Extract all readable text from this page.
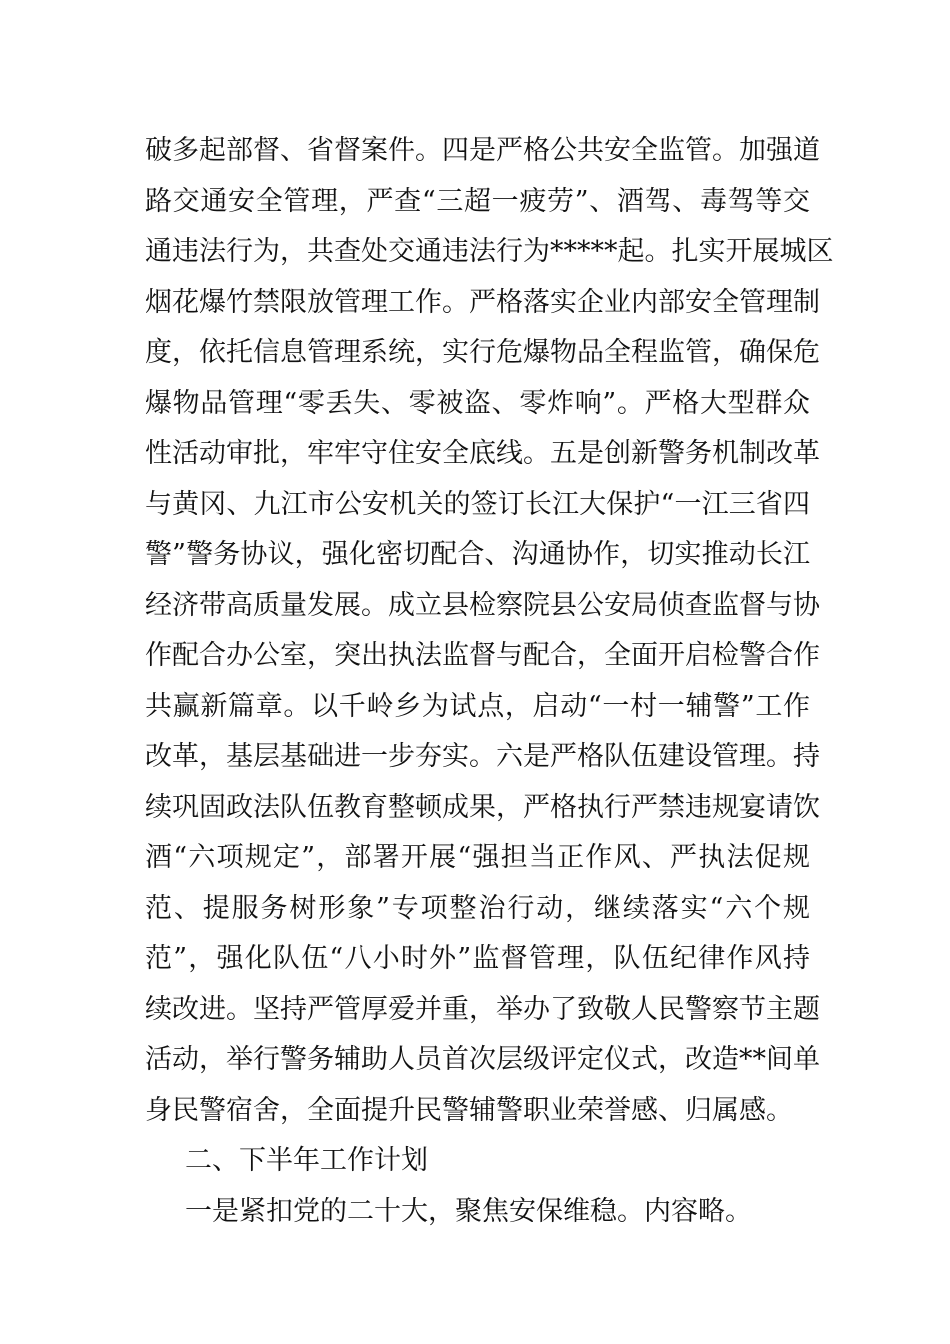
破多起部督、省督案件。四是严格公共安全监管。加强道
路交通安全管理，严查“三超一疲劳”、酒驾、毒驾等交
通违法行为，共查处交通违法行为*****起。扎实开展城区
烟花爆竹禁限放管理工作。严格落实企业内部安全管理制
度，依托信息管理系统，实行危爆物品全程监管，确保危
爆物品管理“零丢失、零被盗、零炸响”。严格大型群众
性活动审批，牢牢守住安全底线。五是创新警务机制改革
与黄冈、九江市公安机关的签订长江大保护“一江三省四
警”警务协议，强化密切配合、沟通协作，切实推动长江
经济带高质量发展。成立县检察院县公安局侦查监督与协
作配合办公室，突出执法监督与配合，全面开启检警合作
共赢新篇章。以千岭乡为试点，启动“一村一辅警”工作
改革，基层基础进一步夯实。六是严格队伍建设管理。持
续巩固政法队伍教育整顿成果，严格执行严禁违规宴请饮
酒“六项规定”，部署开展“强担当正作风、严执法促规
范、提服务树形象”专项整治行动，继续落实“六个规
范”，强化队伍“八小时外”监督管理，队伍纪律作风持
续改进。坚持严管厚爱并重，举办了致敬人民警察节主题
活动，举行警务辅助人员首次层级评定仪式，改造**间单
身民警宿舍，全面提升民警辅警职业荣誉感、归属感。
二、下半年工作计划
一是紧扣党的二十大，聚焦安保维稳。内容略。
